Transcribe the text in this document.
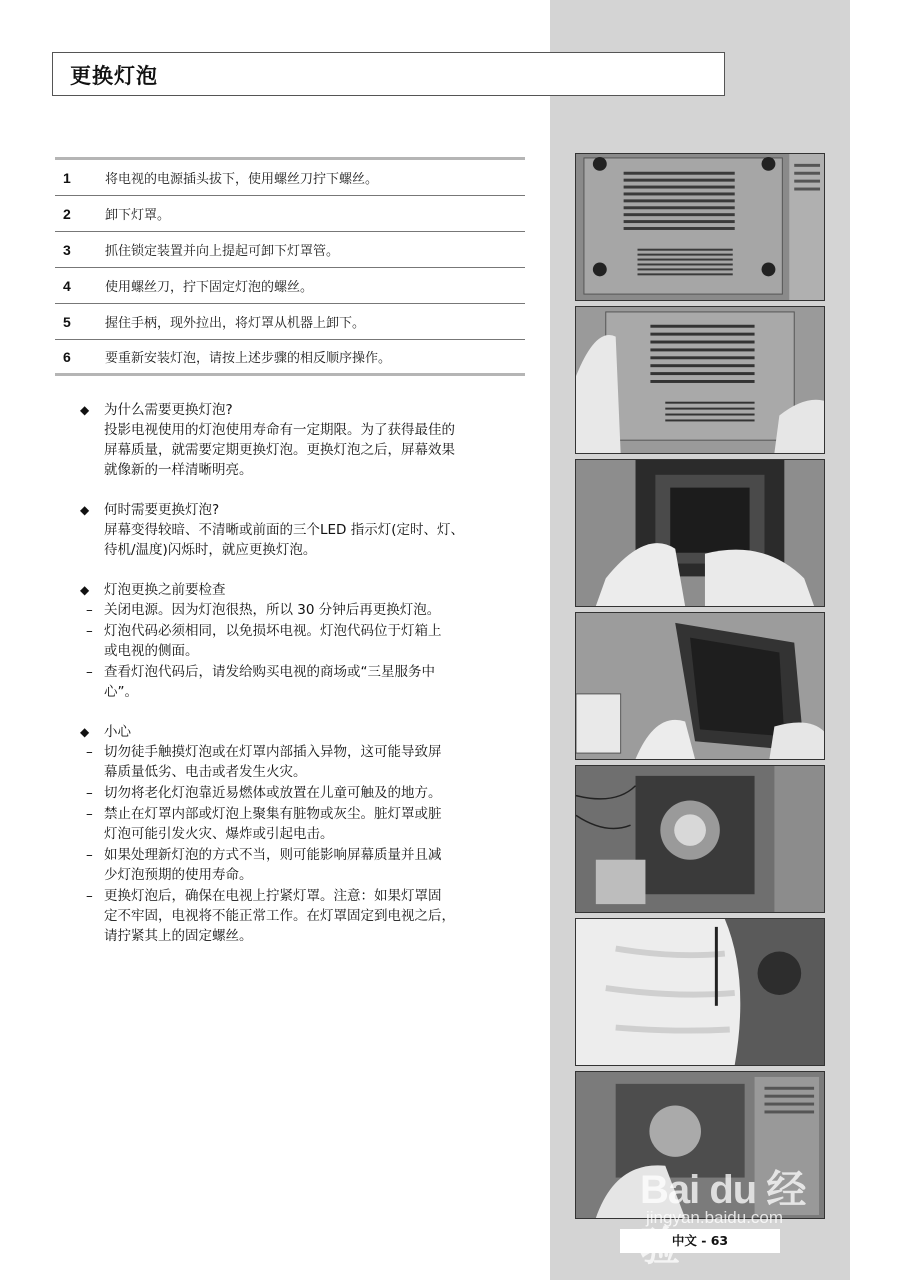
更换灯泡
1	将电视的电源插头拔下，使用螺丝刀拧下螺丝。
2	卸下灯罩。
3	抓住锁定装置并向上提起可卸下灯罩管。
4	使用螺丝刀，拧下固定灯泡的螺丝。
5	握住手柄，现外拉出，将灯罩从机器上卸下。
6	要重新安装灯泡，请按上述步骤的相反顺序操作。
◆	为什么需要更换灯泡?

投影电视使用的灯泡使用寿命有一定期限。为了获得最佳的
屏幕质量，就需要定期更换灯泡。更换灯泡之后，屏幕效果
就像新的一样清晰明亮。

◆	何时需要更换灯泡?

屏幕变得较暗、不清晰或前面的三个LED 指示灯(定时、灯、
待机/温度)闪烁时，就应更换灯泡。

◆	灯泡更换之前要检查
– 关闭电源。因为灯泡很热，所以 30 分钟后再更换灯泡。
– 灯泡代码必须相同，以免损坏电视。灯泡代码位于灯箱上
或电视的侧面。
– 查看灯泡代码后，请发给购买电视的商场或“三星服务中
心”。
◆	小心
– 切勿徒手触摸灯泡或在灯罩内部插入异物，这可能导致屏
幕质量低劣、电击或者发生火灾。
– 切勿将老化灯泡靠近易燃体或放置在儿童可触及的地方。
– 禁止在灯罩内部或灯泡上聚集有脏物或灰尘。脏灯罩或脏
灯泡可能引发火灾、爆炸或引起电击。
– 如果处理新灯泡的方式不当，则可能影响屏幕质量并且减
少灯泡预期的使用寿命。
– 更换灯泡后，确保在电视上拧紧灯罩。注意：如果灯罩固
定不牢固，电视将不能正常工作。在灯罩固定到电视之后，
请拧紧其上的固定螺丝。
Bai du 经
jingyan.baidu.com
中文 - 63
